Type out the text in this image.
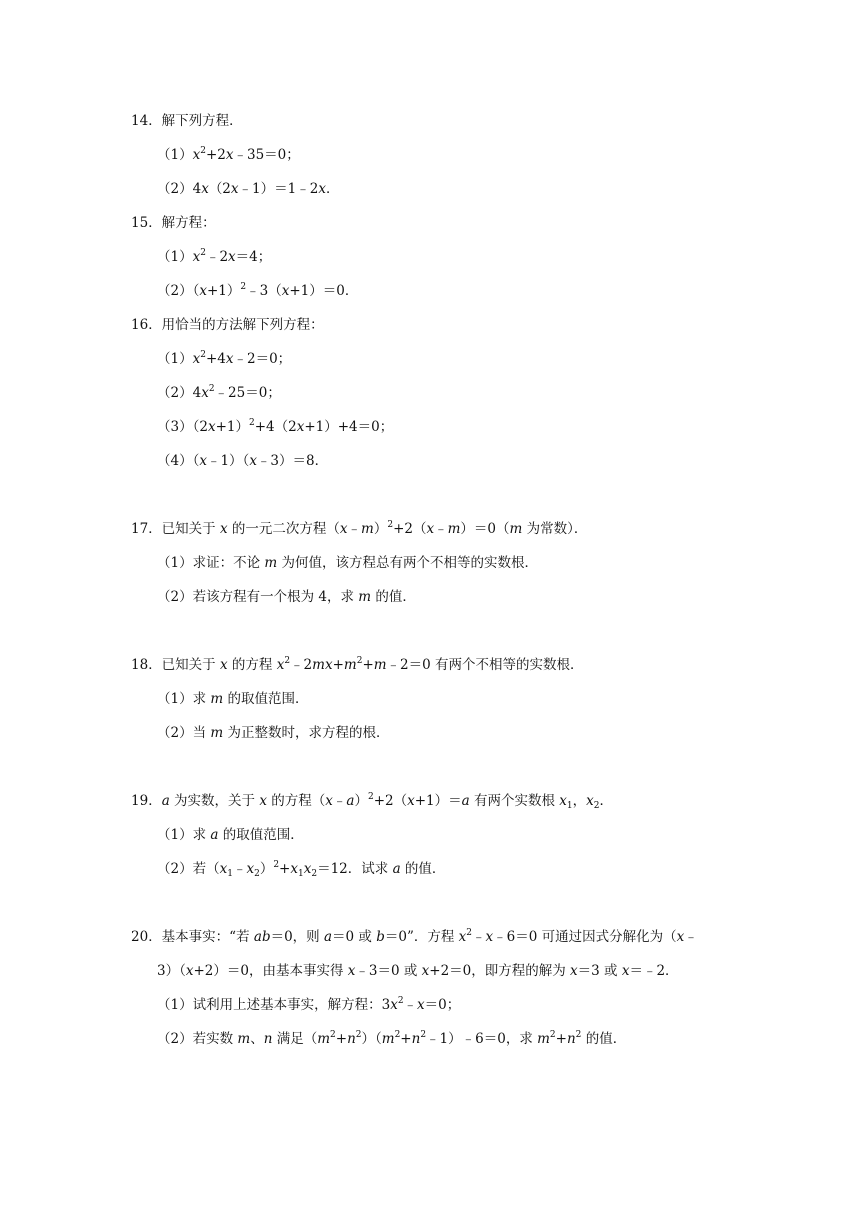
14．解下列方程．
$(1)x^2+2x﹣35=0$；
（2）4x（2x﹣1）＝1﹣2x．
15．解方程：
$(1)x^2﹣2x=4$；
$(2)(x+1)^2﹣3(x+1)=0$．
16．用恰当的方法解下列方程：
$(1)x^2+4x﹣2=0$；
$(2)4x^2﹣25=0$；
$(3)(2x+1)^2+4(2x+1)+4=0$；
（4）（x﹣1）（x﹣3）＝8．
17．已知关于 x 的一元二次方程（x﹣m）$^2$+2（x﹣m）＝0（m 为常数）．
（1）求证：不论 m 为何值，该方程总有两个不相等的实数根．
（2）若该方程有一个根为 4，求 m 的值．
18．已知关于 x 的方程 $x^2﹣2mx+m^2+m﹣2=0$ 有两个不相等的实数根．
（1）求 m 的取值范围．
（2）当 m 为正整数时，求方程的根．
19．a 为实数，关于 x 的方程（x﹣a）$^2$+2（x+1）＝a 有两个实数根 $x_1$，$x_2$．
（1）求 a 的取值范围．
（2）若$(x_1﹣x_2)^2+x_1x_2=12$．试求 a 的值．
20．基本事实：“若 ab＝0，则 a＝0 或 b＝0”．方程 $x^2﹣x﹣6=0$ 可通过因式分解化为（x﹣
3）（x+2）＝0，由基本事实得 x﹣3＝0 或 x+2＝0，即方程的解为 x＝3 或 x＝﹣2．
（1）试利用上述基本事实，解方程：$3x^2﹣x=0$；
（2）若实数 m、n 满足$(m^2+n^2)(m^2+n^2﹣1)﹣6=0$，求 $m^2+n^2$ 的值．
